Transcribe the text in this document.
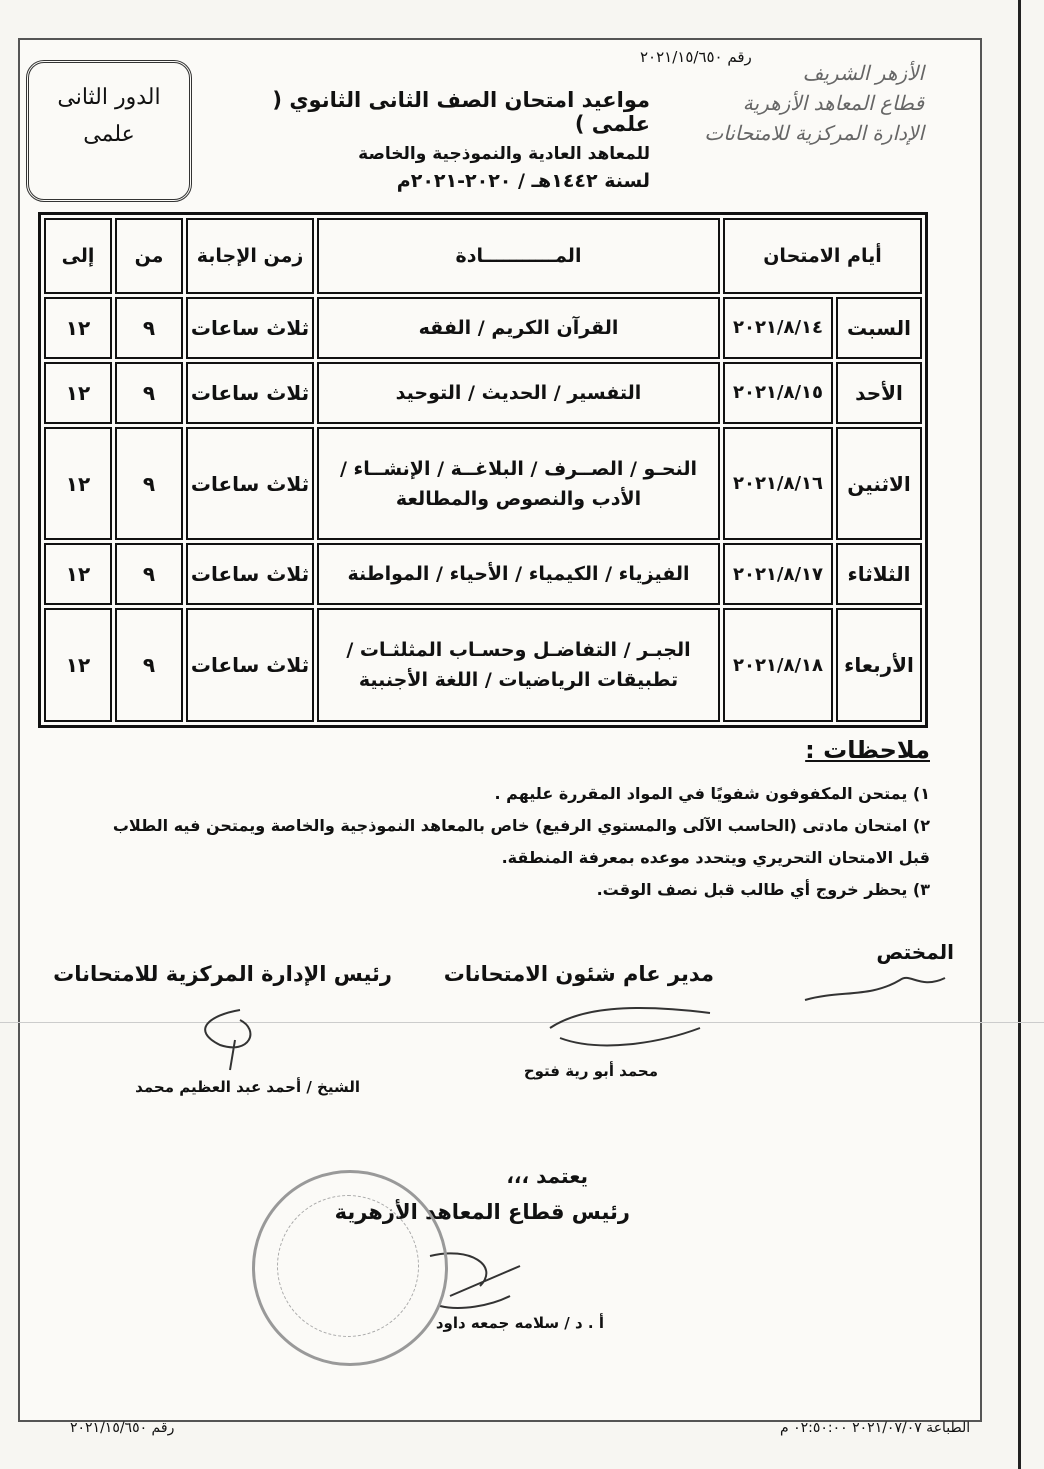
رقم ٢٠٢١/١٥/٦٥٠
الأزهر الشريف
قطاع المعاهد الأزهرية
الإدارة المركزية للامتحانات
مواعيد امتحان الصف الثانى الثانوي ( علمى )
للمعاهد العادية والنموذجية والخاصة
لسنة ١٤٤٢هـ / ٢٠٢٠-٢٠٢١م
الدور الثانى
علمى
أيام الامتحان		المـــــــــــادة	زمن الإجابة	من	إلى
السبت	٢٠٢١/٨/١٤	القرآن الكريم / الفقه	ثلاث ساعات	٩	١٢
الأحد	٢٠٢١/٨/١٥	التفسير / الحديث / التوحيد	ثلاث ساعات	٩	١٢
الاثنين	٢٠٢١/٨/١٦	النحـو / الصــرف / البلاغــة / الإنشــاء / الأدب والنصوص والمطالعة	ثلاث ساعات	٩	١٢
الثلاثاء	٢٠٢١/٨/١٧	الفيزياء / الكيمياء / الأحياء / المواطنة	ثلاث ساعات	٩	١٢
الأربعاء	٢٠٢١/٨/١٨	الجبـر / التفاضـل وحسـاب المثلثـات / تطبيقات الرياضيات / اللغة الأجنبية	ثلاث ساعات	٩	١٢
ملاحظات :
١) يمتحن المكفوفون شفويًا في المواد المقررة عليهم .
٢) امتحان مادتى (الحاسب الآلى والمستوي الرفيع) خاص بالمعاهد النموذجية والخاصة ويمتحن فيه الطلاب قبل الامتحان التحريري ويتحدد موعده بمعرفة المنطقة.
٣) يحظر خروج أي طالب قبل نصف الوقت.
المختص
مدير عام شئون الامتحانات
محمد أبو رية فتوح
رئيس الإدارة المركزية للامتحانات
الشيخ / أحمد عبد العظيم محمد
يعتمد ،،،
رئيس قطاع المعاهد الأزهرية
أ . د / سلامه جمعه داود
الطباعة ٢٠٢١/٠٧/٠٧ ٠٢:٥٠:٠٠ م
رقم ٢٠٢١/١٥/٦٥٠
